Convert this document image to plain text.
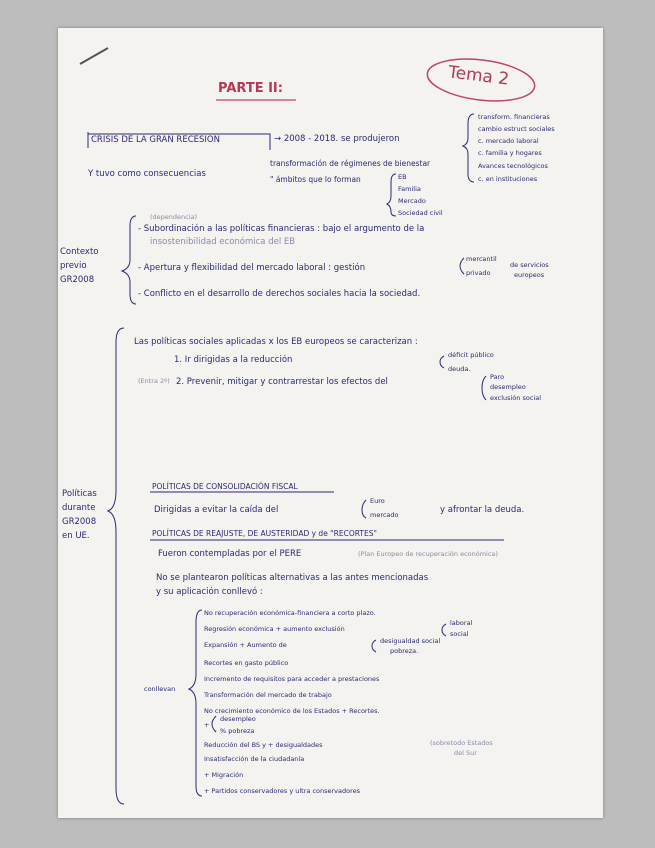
Tema 2
PARTE II:
transform. financieras
cambio estruct sociales
c. mercado laboral
c. familia y hogares
Avances tecnológicos
c. en instituciones
CRISIS DE LA GRAN RECESION	→ 2008 - 2018. se produjeron
Y tuvo como consecuencias
transformación de régimenes de bienestar
" ámbitos que lo forman	EB
Familia
Mercado
Sociedad civil
Contexto
previo
GR2008
(dependencia)
- Subordinación a las políticas financieras : bajo el argumento de la
insostenibilidad económica del EB
- Apertura y flexibilidad del mercado laboral : gestión
mercantil
privado
de servicios
europeos
- Conflicto en el desarrollo de derechos sociales hacia la sociedad.
Políticas
durante
GR2008
en UE.
Las políticas sociales aplicadas x los EB europeos se caracterizan :
1. Ir dirigidas a la reducción	déficit público
deuda.
(Entra 2º) 2. Prevenir, mitigar y contrarrestar los efectos del	Paro
desempleo
exclusión social
POLÍTICAS DE CONSOLIDACIÓN FISCAL
Dirigidas a evitar la caída del
Euro
mercado	y afrontar la deuda.
POLÍTICAS DE REAJUSTE, DE AUSTERIDAD y de "RECORTES"
Fueron contempladas por el PERE	(Plan Europeo de recuperación económica)
No se plantearon políticas alternativas a las antes mencionadas
y su aplicación conllevó :
conllevan
No recuperación económica-financiera a corto plazo.
Regresión económica + aumento exclusión
laboral
social
Expansión + Aumento de	desigualdad social
pobreza.
Recortes en gasto público
Incremento de requisitos para acceder a prestaciones
Transformación del mercado de trabajo
No crecimiento económico de los Estados + Recortes.
+
desempleo
% pobreza
Reducción del BS y + desigualdades	(sobretodo Estados
del Sur
Insatisfacción de la ciudadanía
+ Migración
+ Partidos conservadores y ultra conservadores
